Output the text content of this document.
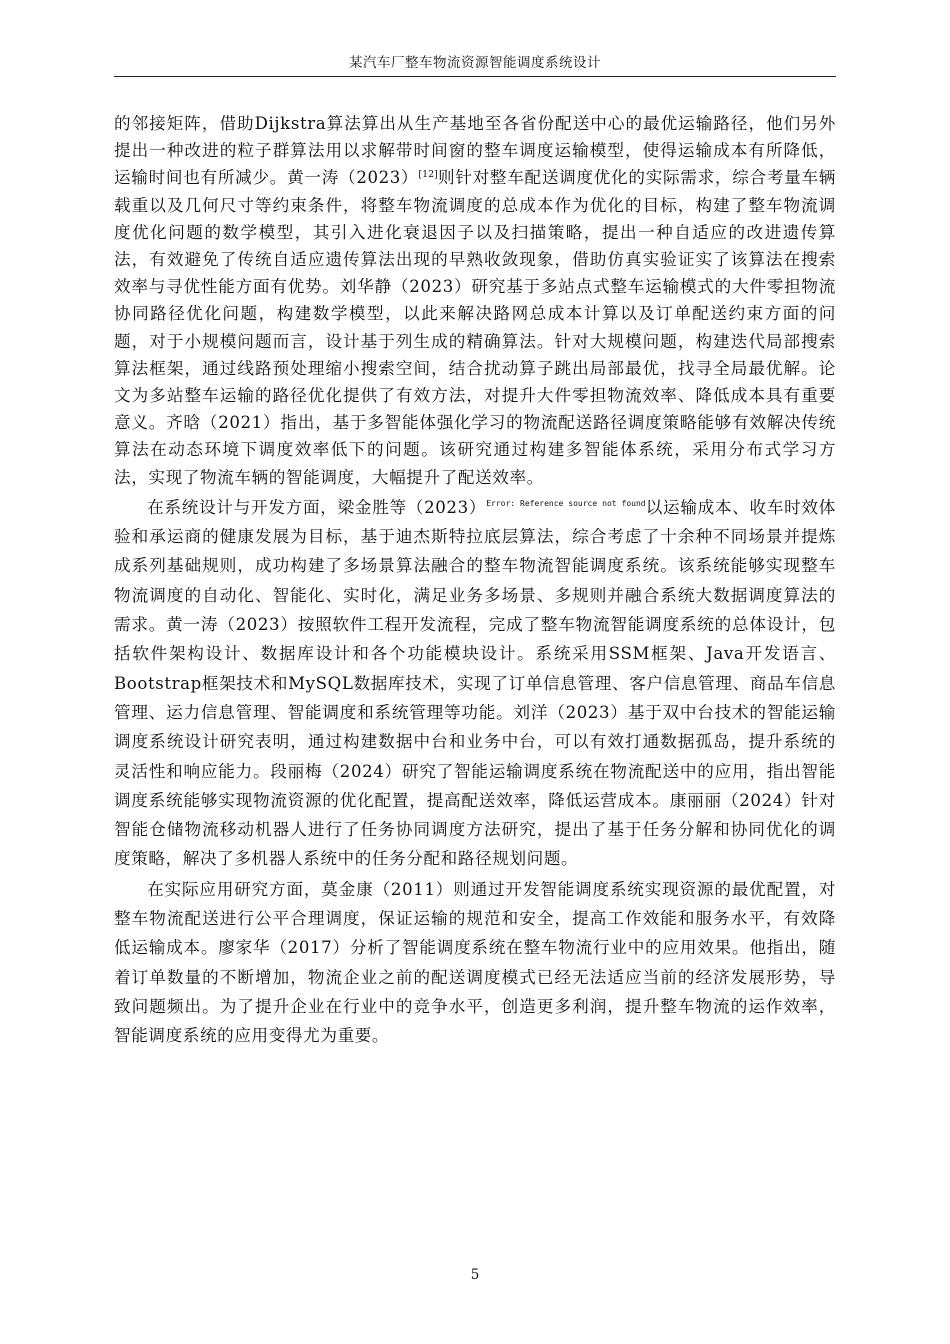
某汽车厂整车物流资源智能调度系统设计

的邻接矩阵，借助Dijkstra算法算出从生产基地至各省份配送中心的最优运输路径，他们另外提出一种改进的粒子群算法用以求解带时间窗的整车调度运输模型，使得运输成本有所降低，运输时间也有所减少。黄一涛（2023）[12]则针对整车配送调度优化的实际需求，综合考量车辆载重以及几何尺寸等约束条件，将整车物流调度的总成本作为优化的目标，构建了整车物流调度优化问题的数学模型，其引入进化衰退因子以及扫描策略，提出一种自适应的改进遗传算法，有效避免了传统自适应遗传算法出现的早熟收敛现象，借助仿真实验证实了该算法在搜索效率与寻优性能方面有优势。刘华静（2023）研究基于多站点式整车运输模式的大件零担物流协同路径优化问题，构建数学模型，以此来解决路网总成本计算以及订单配送约束方面的问题，对于小规模问题而言，设计基于列生成的精确算法。针对大规模问题，构建迭代局部搜索算法框架，通过线路预处理缩小搜索空间，结合扰动算子跳出局部最优，找寻全局最优解。论文为多站整车运输的路径优化提供了有效方法，对提升大件零担物流效率、降低成本具有重要意义。齐晗（2021）指出，基于多智能体强化学习的物流配送路径调度策略能够有效解决传统算法在动态环境下调度效率低下的问题。该研究通过构建多智能体系统，采用分布式学习方法，实现了物流车辆的智能调度，大幅提升了配送效率。

在系统设计与开发方面，梁金胜等$(2023)^{Error: Reference source not found}$以运输成本、收车时效体验和承运商的健康发展为目标，基于迪杰斯特拉底层算法，综合考虑了十余种不同场景并提炼成系列基础规则，成功构建了多场景算法融合的整车物流智能调度系统。该系统能够实现整车物流调度的自动化、智能化、实时化，满足业务多场景、多规则并融合系统大数据调度算法的需求。黄一涛（2023）按照软件工程开发流程，完成了整车物流智能调度系统的总体设计，包括软件架构设计、数据库设计和各个功能模块设计。系统采用SSM框架、Java开发语言、Bootstrap框架技术和MySQL数据库技术，实现了订单信息管理、客户信息管理、商品车信息管理、运力信息管理、智能调度和系统管理等功能。刘洋（2023）基于双中台技术的智能运输调度系统设计研究表明，通过构建数据中台和业务中台，可以有效打通数据孤岛，提升系统的灵活性和响应能力。段丽梅（2024）研究了智能运输调度系统在物流配送中的应用，指出智能调度系统能够实现物流资源的优化配置，提高配送效率，降低运营成本。康丽丽（2024）针对智能仓储物流移动机器人进行了任务协同调度方法研究，提出了基于任务分解和协同优化的调度策略，解决了多机器人系统中的任务分配和路径规划问题。

在实际应用研究方面，莫金康（2011）则通过开发智能调度系统实现资源的最优配置，对整车物流配送进行公平合理调度，保证运输的规范和安全，提高工作效能和服务水平，有效降低运输成本。廖家华（2017）分析了智能调度系统在整车物流行业中的应用效果。他指出，随着订单数量的不断增加，物流企业之前的配送调度模式已经无法适应当前的经济发展形势，导致问题频出。为了提升企业在行业中的竞争水平，创造更多利润，提升整车物流的运作效率，智能调度系统的应用变得尤为重要。

5
